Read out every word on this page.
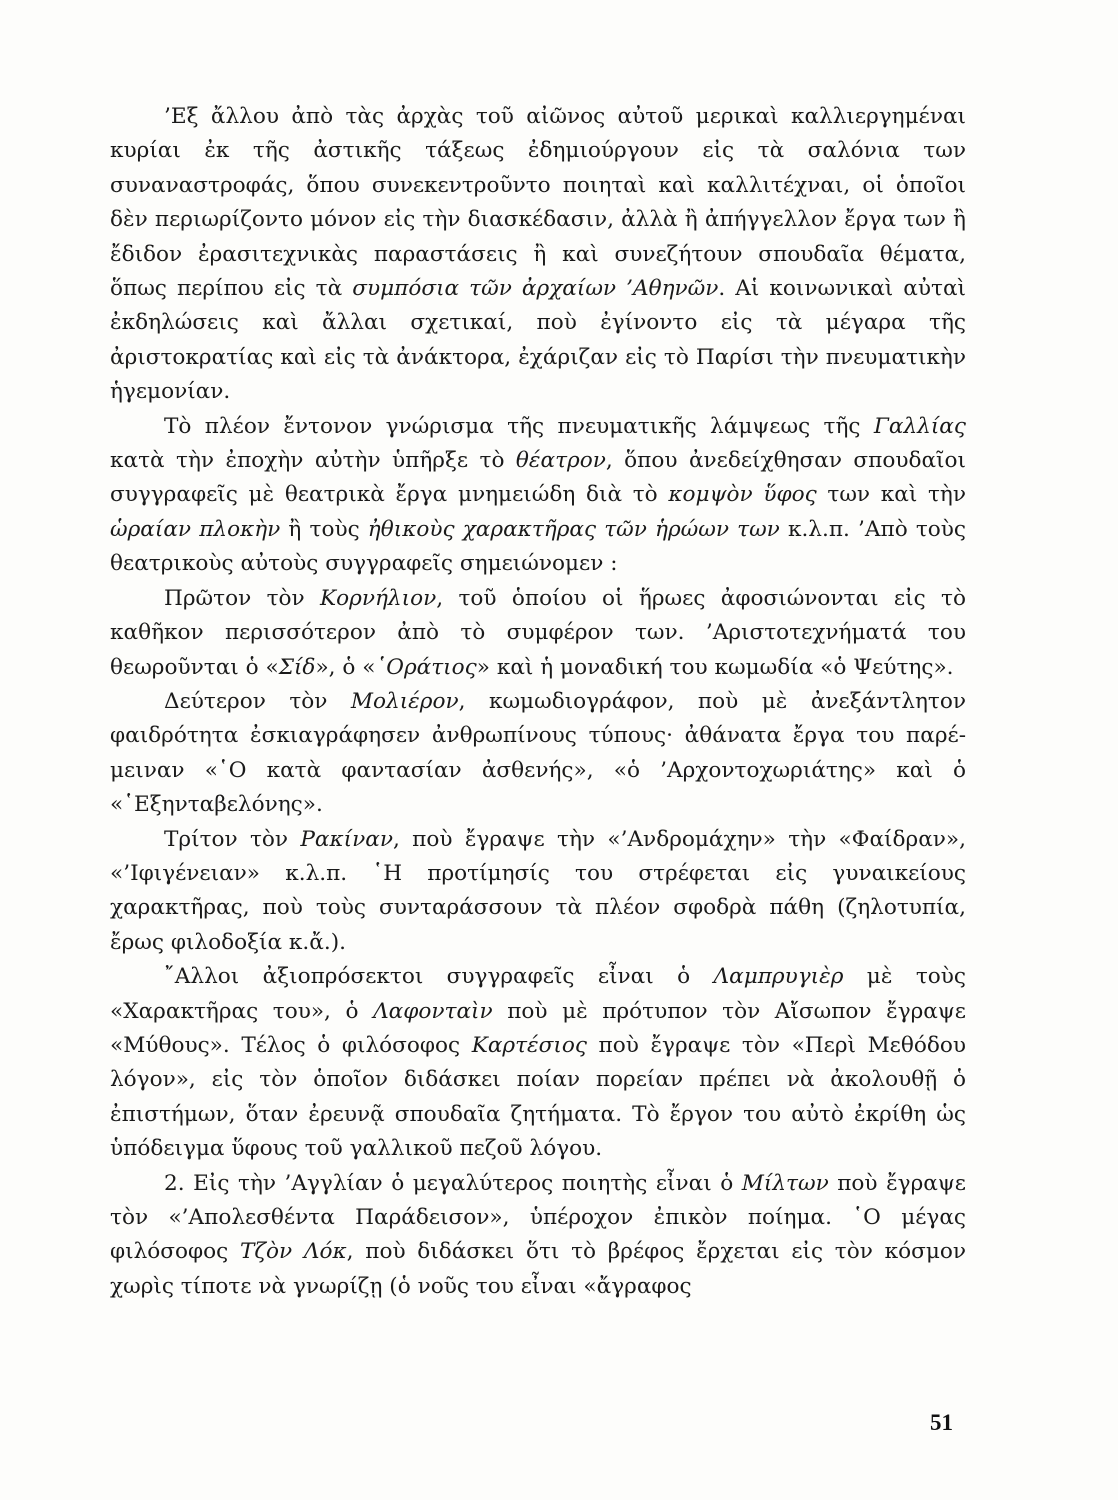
’Εξ ἄλλου ἀπὸ τὰς ἀρχὰς τοῦ αἰῶνος αὐτοῦ μερικαὶ καλλιεργημέναι κυρίαι ἐκ τῆς ἀστικῆς τάξεως ἐδημιούργουν εἰς τὰ σαλόνια των συναναστροφάς, ὅπου συνεκεντροῦντο ποιηταὶ καὶ καλλιτέχναι, οἱ ὁποῖοι δὲν περιωρίζοντο μόνον εἰς τὴν διασκέδασιν, ἀλλὰ ἢ ἀπήγγελλον ἔργα των ἢ ἔδιδον ἐρασιτεχνικὰς παραστάσεις ἢ καὶ συνεζήτουν σπουδαῖα θέματα, ὅπως περίπου εἰς τὰ συμπόσια τῶν ἀρχαίων ’Αθηνῶν. Αἱ κοινωνικαὶ αὐταὶ ἐκδηλώσεις καὶ ἄλλαι σχετικαί, ποὺ ἐγίνοντο εἰς τὰ μέγαρα τῆς ἀριστοκρατίας καὶ εἰς τὰ ἀνάκτορα, ἐχάριζαν εἰς τὸ Παρίσι τὴν πνευματικὴν ἡγεμονίαν.

Τὸ πλέον ἔντονον γνώρισμα τῆς πνευματικῆς λάμψεως τῆς Γαλλίας κατὰ τὴν ἐποχὴν αὐτὴν ὑπῆρξε τὸ θέατρον, ὅπου ἀνεδείχθησαν σπουδαῖοι συγγραφεῖς μὲ θεατρικὰ ἔργα μνημειώδη διὰ τὸ κομψὸν ὕφος των καὶ τὴν ὡραίαν πλοκὴν ἢ τοὺς ἠθικοὺς χαρακτῆρας τῶν ἡρώων των κ.λ.π. ’Απὸ τοὺς θεατρικοὺς αὐτοὺς συγγραφεῖς σημειώνομεν :

Πρῶτον τὸν Κορνήλιον, τοῦ ὁποίου οἱ ἥρωες ἀφοσιώνονται εἰς τὸ καθῆκον περισσότερον ἀπὸ τὸ συμφέρον των. ’Αριστοτεχνήματά του θεωροῦνται ὁ «Σίδ», ὁ «῾Οράτιος» καὶ ἡ μοναδική του κωμωδία «ὁ Ψεύτης».

Δεύτερον τὸν Μολιέρον, κωμωδιογράφον, ποὺ μὲ ἀνεξάντλητον φαιδρότητα ἐσκιαγράφησεν ἀνθρωπίνους τύπους· ἀθάνατα ἔργα του παρέμειναν «῾Ο κατὰ φαντασίαν ἀσθενής», «ὁ ’Αρχοντοχωριάτης» καὶ ὁ «῾Εξηνταβελόνης».

Τρίτον τὸν Ρακίναν, ποὺ ἔγραψε τὴν «’Ανδρομάχην» τὴν «Φαίδραν», «’Ιφιγένειαν» κ.λ.π. ῾Η προτίμησίς του στρέφεται εἰς γυναικείους χαρακτῆρας, ποὺ τοὺς συνταράσσουν τὰ πλέον σφοδρὰ πάθη (ζηλοτυπία, ἔρως φιλοδοξία κ.ἄ.).

῎Αλλοι ἀξιοπρόσεκτοι συγγραφεῖς εἶναι ὁ Λαμπρυγιὲρ μὲ τοὺς «Χαρακτῆρας του», ὁ Λαφονταὶν ποὺ μὲ πρότυπον τὸν Αἴσωπον ἔγραψε «Μύθους». Τέλος ὁ φιλόσοφος Καρτέσιος ποὺ ἔγραψε τὸν «Περὶ Μεθόδου λόγον», εἰς τὸν ὁποῖον διδάσκει ποίαν πορείαν πρέπει νὰ ἀκολουθῇ ὁ ἐπιστήμων, ὅταν ἐρευνᾷ σπουδαῖα ζητήματα. Τὸ ἔργον του αὐτὸ ἐκρίθη ὡς ὑπόδειγμα ὕφους τοῦ γαλλικοῦ πεζοῦ λόγου.

2. Εἰς τὴν ’Αγγλίαν ὁ μεγαλύτερος ποιητὴς εἶναι ὁ Μίλτων ποὺ ἔγραψε τὸν «’Απολεσθέντα Παράδεισον», ὑπέροχον ἐπικὸν ποίημα. ῾Ο μέγας φιλόσοφος Τζὸν Λόκ, ποὺ διδάσκει ὅτι τὸ βρέφος ἔρχεται εἰς τὸν κόσμον χωρὶς τίποτε νὰ γνωρίζῃ (ὁ νοῦς του εἶναι «ἄγραφος

51
